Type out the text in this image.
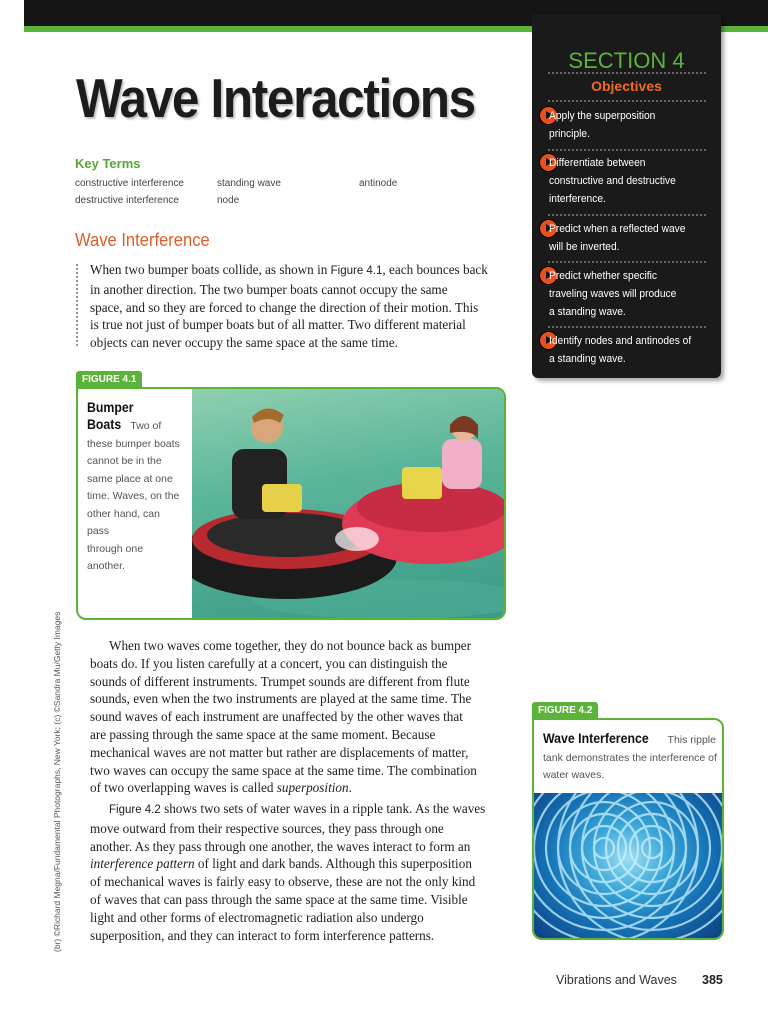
Wave Interactions
Key Terms
constructive interference
destructive interference
standing wave
node
antinode
Wave Interference
When two bumper boats collide, as shown in Figure 4.1, each bounces back
in another direction. The two bumper boats cannot occupy the same
space, and so they are forced to change the direction of their motion. This
is true not just of bumper boats but of all matter. Two different material
objects can never occupy the same space at the same time.
SECTION 4
Objectives
Apply the superposition
principle.
Differentiate between
constructive and destructive
interference.
Predict when a reflected wave
will be inverted.
Predict whether specific
traveling waves will produce
a standing wave.
Identify nodes and antinodes of
a standing wave.
FIGURE 4.1
Bumper
Boats Two of
these bumper boats
cannot be in the
same place at one
time. Waves, on the
other hand, can pass
through one another.
When two waves come together, they do not bounce back as bumper
boats do. If you listen carefully at a concert, you can distinguish the
sounds of different instruments. Trumpet sounds are different from flute
sounds, even when the two instruments are played at the same time. The
sound waves of each instrument are unaffected by the other waves that
are passing through the same space at the same moment. Because
mechanical waves are not matter but rather are displacements of matter,
two waves can occupy the same space at the same time. The combination
of two overlapping waves is called superposition.
Figure 4.2 shows two sets of water waves in a ripple tank. As the waves
move outward from their respective sources, they pass through one
another. As they pass through one another, the waves interact to form an
interference pattern of light and dark bands. Although this superposition
of mechanical waves is fairly easy to observe, these are not the only kind
of waves that can pass through the same space at the same time. Visible
light and other forms of electromagnetic radiation also undergo
superposition, and they can interact to form interference patterns.
FIGURE 4.2
Wave Interference This ripple
tank demonstrates the interference of
water waves.
(br) ©Richard Megna/Fundamental Photographs, New York; (c) ©Sandra Mu/Getty Images
Vibrations and Waves 385
